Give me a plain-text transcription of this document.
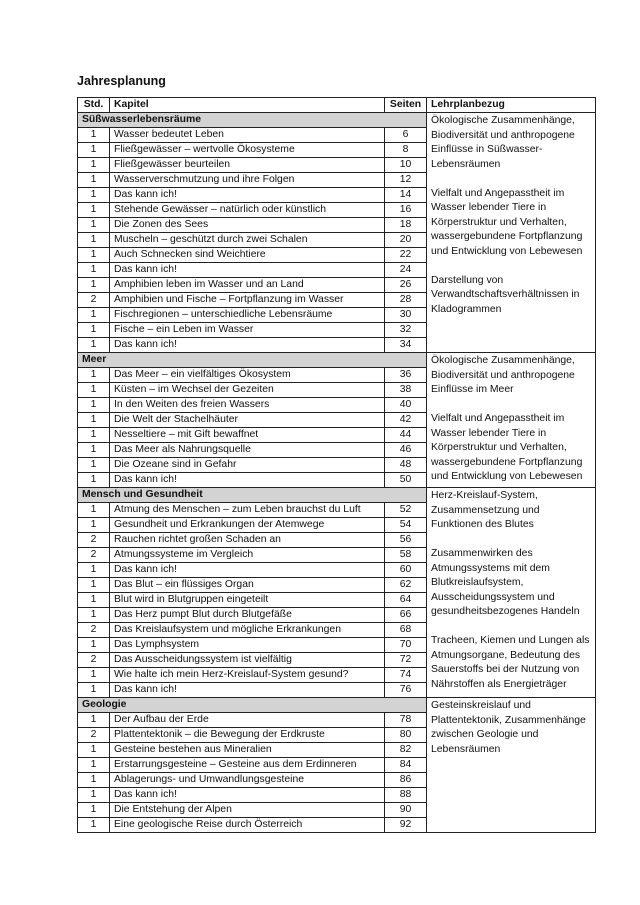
Jahresplanung
Std.	Kapitel	Seiten	Lehrplanbezug
Süßwasserlebensräume			Ökologische Zusammenhänge, Biodiversität und anthropogene Einflüsse in Süßwasser-Lebensräumen

Vielfalt und Angepasstheit im Wasser lebender Tiere in Körperstruktur und Verhalten, wassergebundene Fortpflanzung und Entwicklung von Lebewesen

Darstellung von Verwandtschaftsverhältnissen in Kladogrammen

1	Wasser bedeutet Leben	6	
1	Fließgewässer – wertvolle Ökosysteme	8	
1	Fließgewässer beurteilen	10	
1	Wasserverschmutzung und ihre Folgen	12	
1	Das kann ich!	14	
1	Stehende Gewässer – natürlich oder künstlich	16	
1	Die Zonen des Sees	18	
1	Muscheln – geschützt durch zwei Schalen	20	
1	Auch Schnecken sind Weichtiere	22	
1	Das kann ich!	24	
1	Amphibien leben im Wasser und an Land	26	
2	Amphibien und Fische – Fortpflanzung im Wasser	28	
1	Fischregionen – unterschiedliche Lebensräume	30	
1	Fische – ein Leben im Wasser	32	
1	Das kann ich!	34	
Meer			Ökologische Zusammenhänge, Biodiversität und anthropogene Einflüsse im Meer

Vielfalt und Angepasstheit im Wasser lebender Tiere in Körperstruktur und Verhalten, wassergebundene Fortpflanzung und Entwicklung von Lebewesen

1	Das Meer – ein vielfältiges Ökosystem	36	
1	Küsten – im Wechsel der Gezeiten	38	
1	In den Weiten des freien Wassers	40	
1	Die Welt der Stachelhäuter	42	
1	Nesseltiere – mit Gift bewaffnet	44	
1	Das Meer als Nahrungsquelle	46	
1	Die Ozeane sind in Gefahr	48	
1	Das kann ich!	50	
Mensch und Gesundheit			Herz-Kreislauf-System, Zusammensetzung und Funktionen des Blutes

Zusammenwirken des Atmungssystems mit dem Blutkreislaufsystem, Ausscheidungssystem und gesundheitsbezogenes Handeln

Tracheen, Kiemen und Lungen als Atmungsorgane, Bedeutung des Sauerstoffs bei der Nutzung von Nährstoffen als Energieträger

1	Atmung des Menschen – zum Leben brauchst du Luft	52	
1	Gesundheit und Erkrankungen der Atemwege	54	
2	Rauchen richtet großen Schaden an	56	
2	Atmungssysteme im Vergleich	58	
1	Das kann ich!	60	
1	Das Blut – ein flüssiges Organ	62	
1	Blut wird in Blutgruppen eingeteilt	64	
1	Das Herz pumpt Blut durch Blutgefäße	66	
2	Das Kreislaufsystem und mögliche Erkrankungen	68	
1	Das Lymphsystem	70	
2	Das Ausscheidungssystem ist vielfältig	72	
1	Wie halte ich mein Herz-Kreislauf-System gesund?	74	
1	Das kann ich!	76	
Geologie			Gesteinskreislauf und Plattentektonik, Zusammenhänge zwischen Geologie und Lebensräumen

1	Der Aufbau der Erde	78	
2	Plattentektonik – die Bewegung der Erdkruste	80	
1	Gesteine bestehen aus Mineralien	82	
1	Erstarrungsgesteine – Gesteine aus dem Erdinneren	84	
1	Ablagerungs- und Umwandlungsgesteine	86	
1	Das kann ich!	88	
1	Die Entstehung der Alpen	90	
1	Eine geologische Reise durch Österreich	92	
